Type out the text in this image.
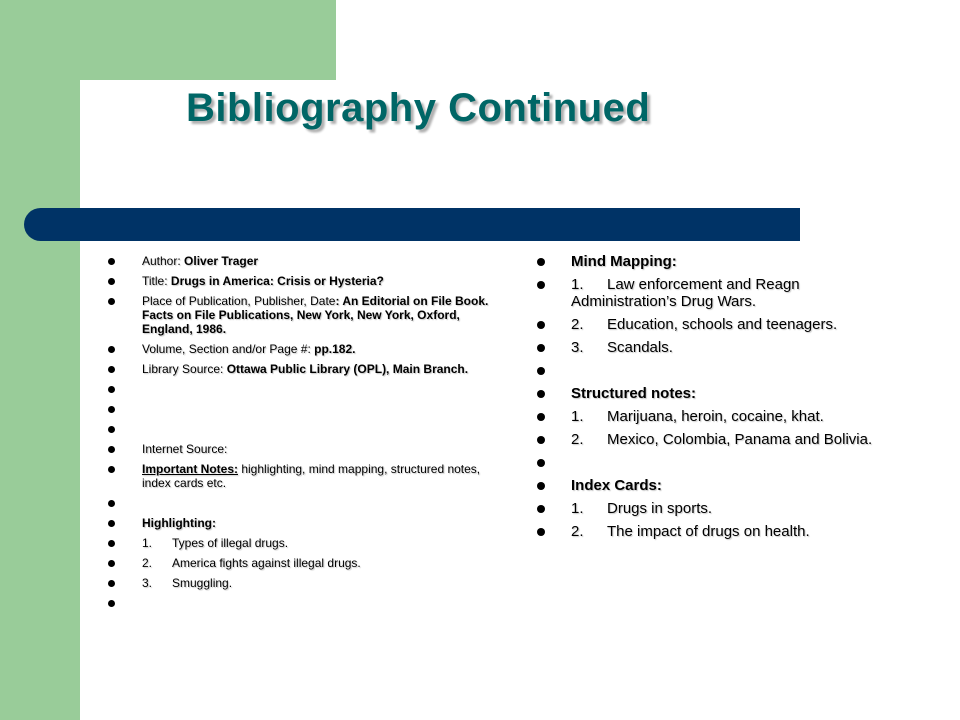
Bibliography Continued
Author: Oliver Trager
Title: Drugs in America: Crisis or Hysteria?
Place of Publication, Publisher, Date: An Editorial on File Book. Facts on File Publications, New York, New York, Oxford, England, 1986.
Volume, Section and/or Page #: pp.182.
Library Source: Ottawa Public Library (OPL), Main Branch.
Internet Source:
Important Notes: highlighting, mind mapping, structured notes, index cards etc.
Highlighting:
1. Types of illegal drugs.
2. America fights against illegal drugs.
3. Smuggling.
Mind Mapping:
1. Law enforcement and Reagn Administration’s Drug Wars.
2. Education, schools and teenagers.
3. Scandals.
Structured notes:
1. Marijuana, heroin, cocaine, khat.
2. Mexico, Colombia, Panama and Bolivia.
Index Cards:
1. Drugs in sports.
2. The impact of drugs on health.
